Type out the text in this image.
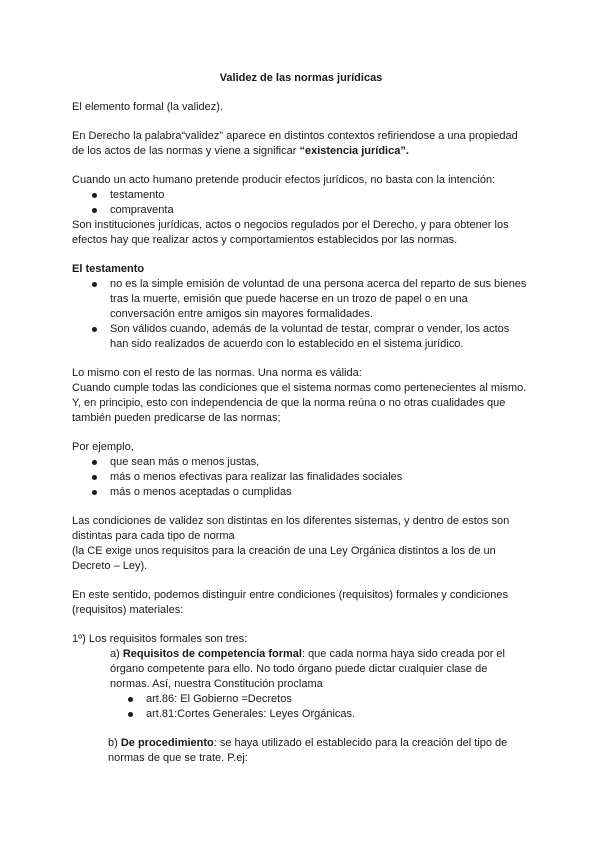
Validez de las normas jurídicas

El elemento formal (la validez).

En Derecho la palabra“validez” aparece en distintos contextos refiriendose a una propiedad de los actos de las normas y viene a significar “existencia jurídica”.

Cuando un acto humano pretende producir efectos jurídicos, no basta con la intención:

testamento
compraventa

Son instituciones jurídicas, actos o negocios regulados por el Derecho, y para obtener los efectos hay que realizar actos y comportamientos establecidos por las normas.

El testamento

no es la simple emisión de voluntad de una persona acerca del reparto de sus bienes tras la muerte, emisión que puede hacerse en un trozo de papel o en una conversación entre amigos sin mayores formalidades.
Son válidos cuando, además de la voluntad de testar, comprar o vender, los actos han sido realizados de acuerdo con lo establecido en el sistema jurídico.

Lo mismo con el resto de las normas. Una norma es válida:

Cuando cumple todas las condiciones que el sistema normas como pertenecientes al mismo. Y, en principio, esto con independencia de que la norma reúna o no otras cualidades que también pueden predicarse de las normas;

Por ejemplo,

que sean más o menos justas,
más o menos efectivas para realizar las finalidades sociales
más o menos aceptadas o cumplidas

Las condiciones de validez son distintas en los diferentes sistemas, y dentro de estos son distintas para cada tipo de norma

(la CE exige unos requisitos para la creación de una Ley Orgánica distintos a los de un Decreto – Ley).

En este sentido, podemos distinguir entre condiciones (requisitos) formales y condiciones (requisitos) materiales:

1º) Los requisitos formales son tres:

a) Requisitos de competencia formal: que cada norma haya sido creada por el órgano competente para ello. No todo órgano puede dictar cualquier clase de normas. Así, nuestra Constitución proclama

art.86: El Gobierno =Decretos
art.81:Cortes Generales: Leyes Orgánicas.

b) De procedimiento: se haya utilizado el establecido para la creación del tipo de normas de que se trate. P.ej:
